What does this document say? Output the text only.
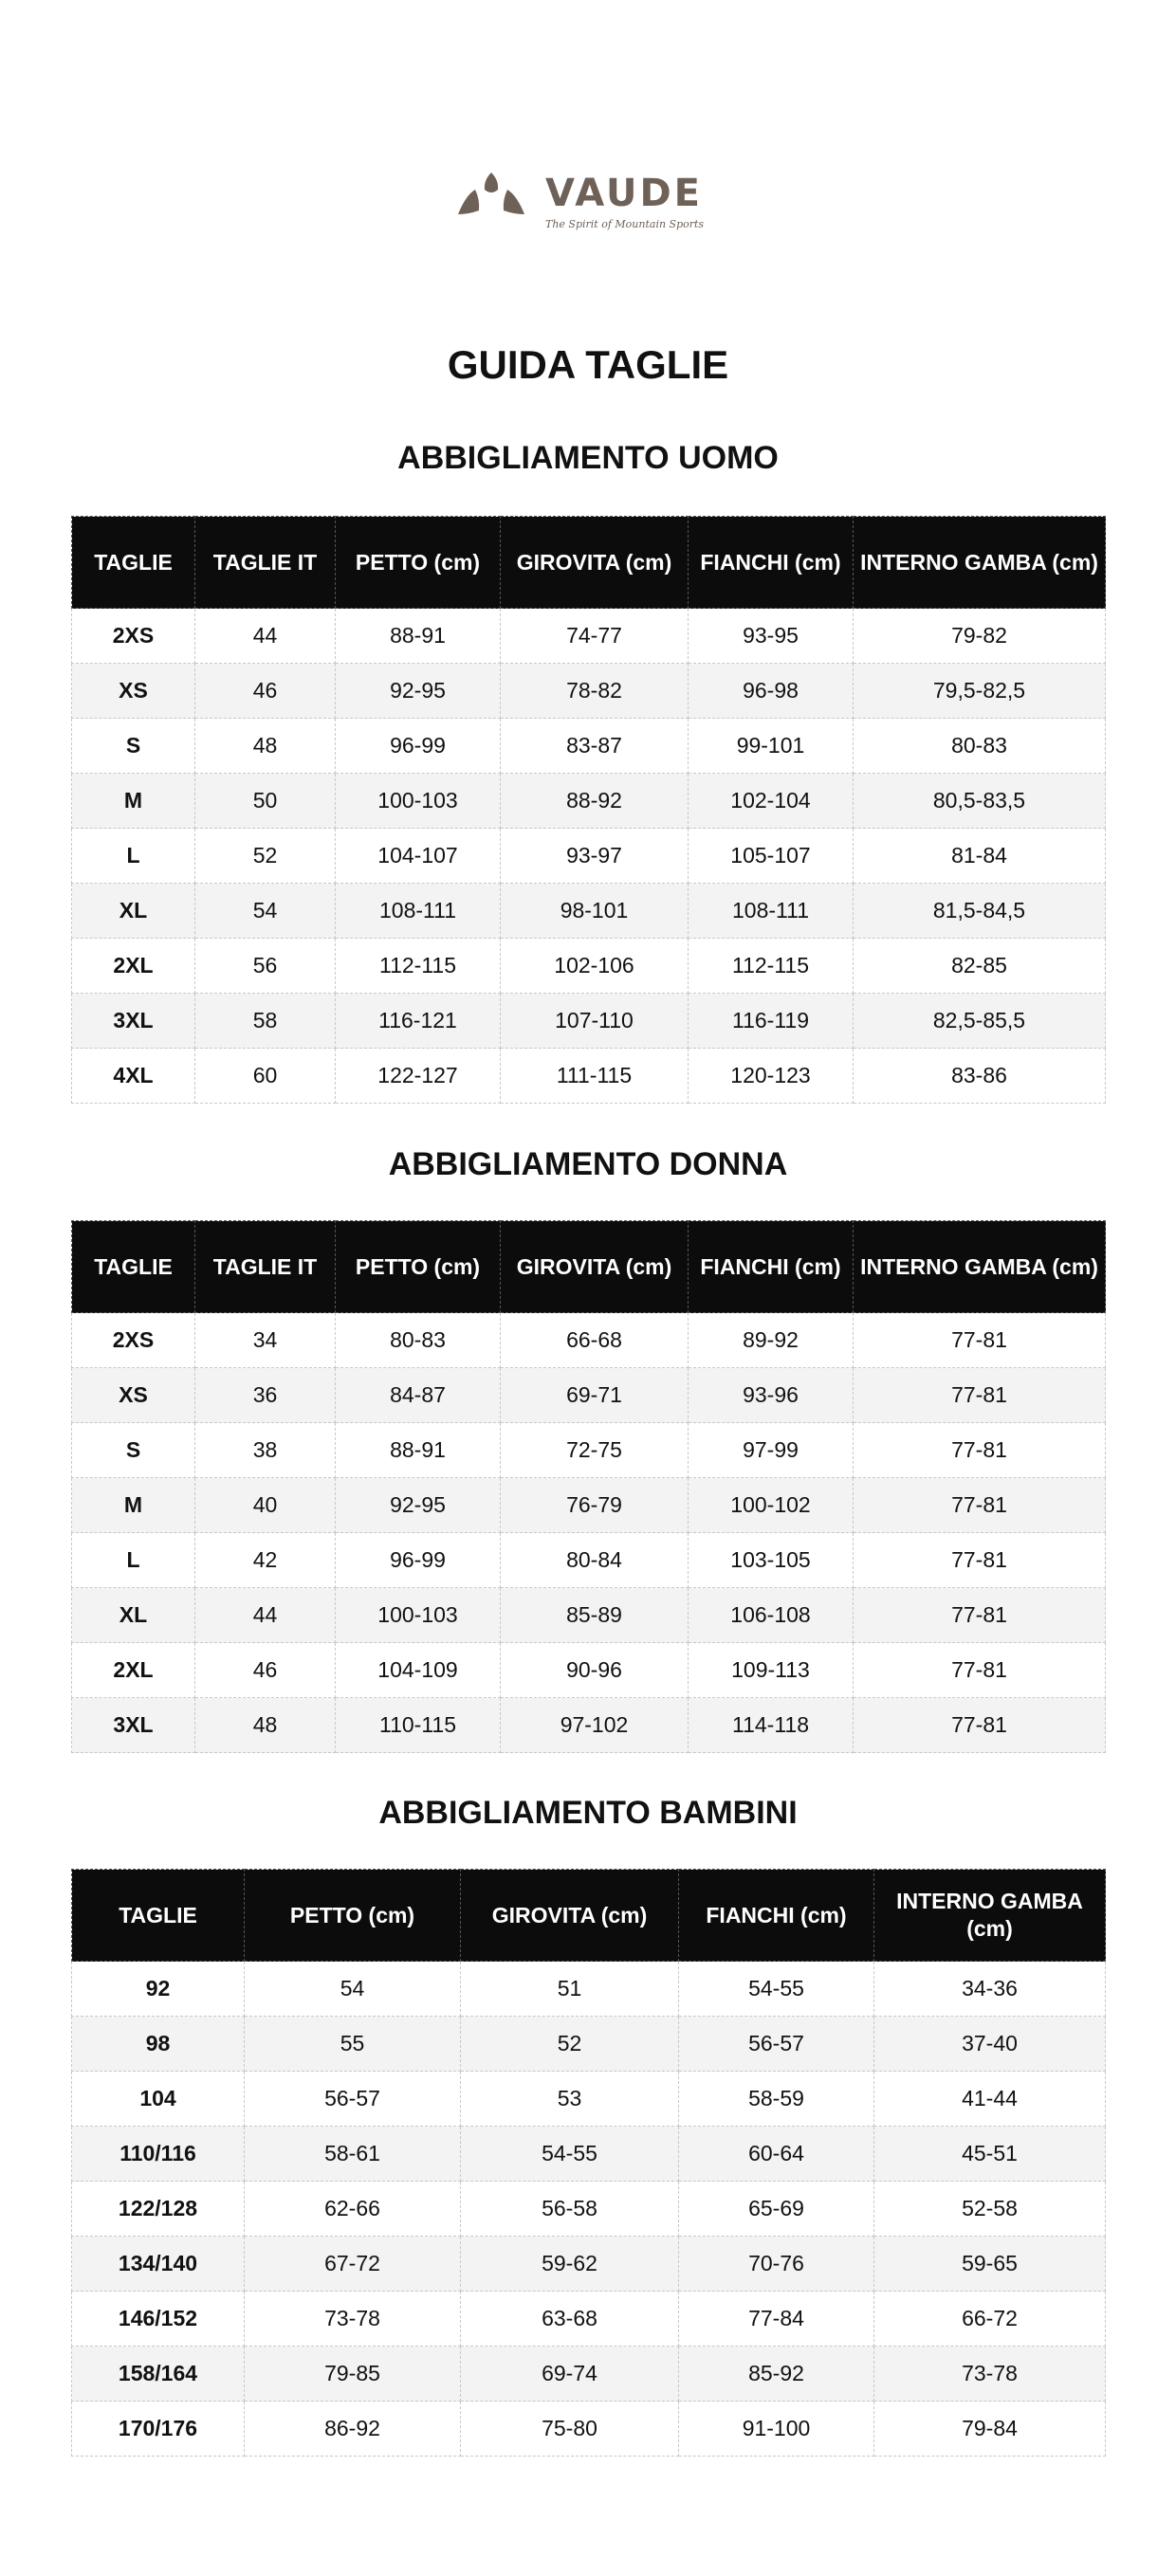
VAUDE
The Spirit of Mountain Sports
GUIDA TAGLIE
ABBIGLIAMENTO UOMO
TAGLIE	TAGLIE IT	PETTO (cm)	GIROVITA (cm)	FIANCHI (cm)	INTERNO GAMBA (cm)
2XS	44	88-91	74-77	93-95	79-82
XS	46	92-95	78-82	96-98	79,5-82,5
S	48	96-99	83-87	99-101	80-83
M	50	100-103	88-92	102-104	80,5-83,5
L	52	104-107	93-97	105-107	81-84
XL	54	108-111	98-101	108-111	81,5-84,5
2XL	56	112-115	102-106	112-115	82-85
3XL	58	116-121	107-110	116-119	82,5-85,5
4XL	60	122-127	111-115	120-123	83-86
ABBIGLIAMENTO DONNA
TAGLIE	TAGLIE IT	PETTO (cm)	GIROVITA (cm)	FIANCHI (cm)	INTERNO GAMBA (cm)
2XS	34	80-83	66-68	89-92	77-81
XS	36	84-87	69-71	93-96	77-81
S	38	88-91	72-75	97-99	77-81
M	40	92-95	76-79	100-102	77-81
L	42	96-99	80-84	103-105	77-81
XL	44	100-103	85-89	106-108	77-81
2XL	46	104-109	90-96	109-113	77-81
3XL	48	110-115	97-102	114-118	77-81
ABBIGLIAMENTO BAMBINI
TAGLIE	PETTO (cm)	GIROVITA (cm)	FIANCHI (cm)	INTERNO GAMBA (cm)
92	54	51	54-55	34-36
98	55	52	56-57	37-40
104	56-57	53	58-59	41-44
110/116	58-61	54-55	60-64	45-51
122/128	62-66	56-58	65-69	52-58
134/140	67-72	59-62	70-76	59-65
146/152	73-78	63-68	77-84	66-72
158/164	79-85	69-74	85-92	73-78
170/176	86-92	75-80	91-100	79-84
